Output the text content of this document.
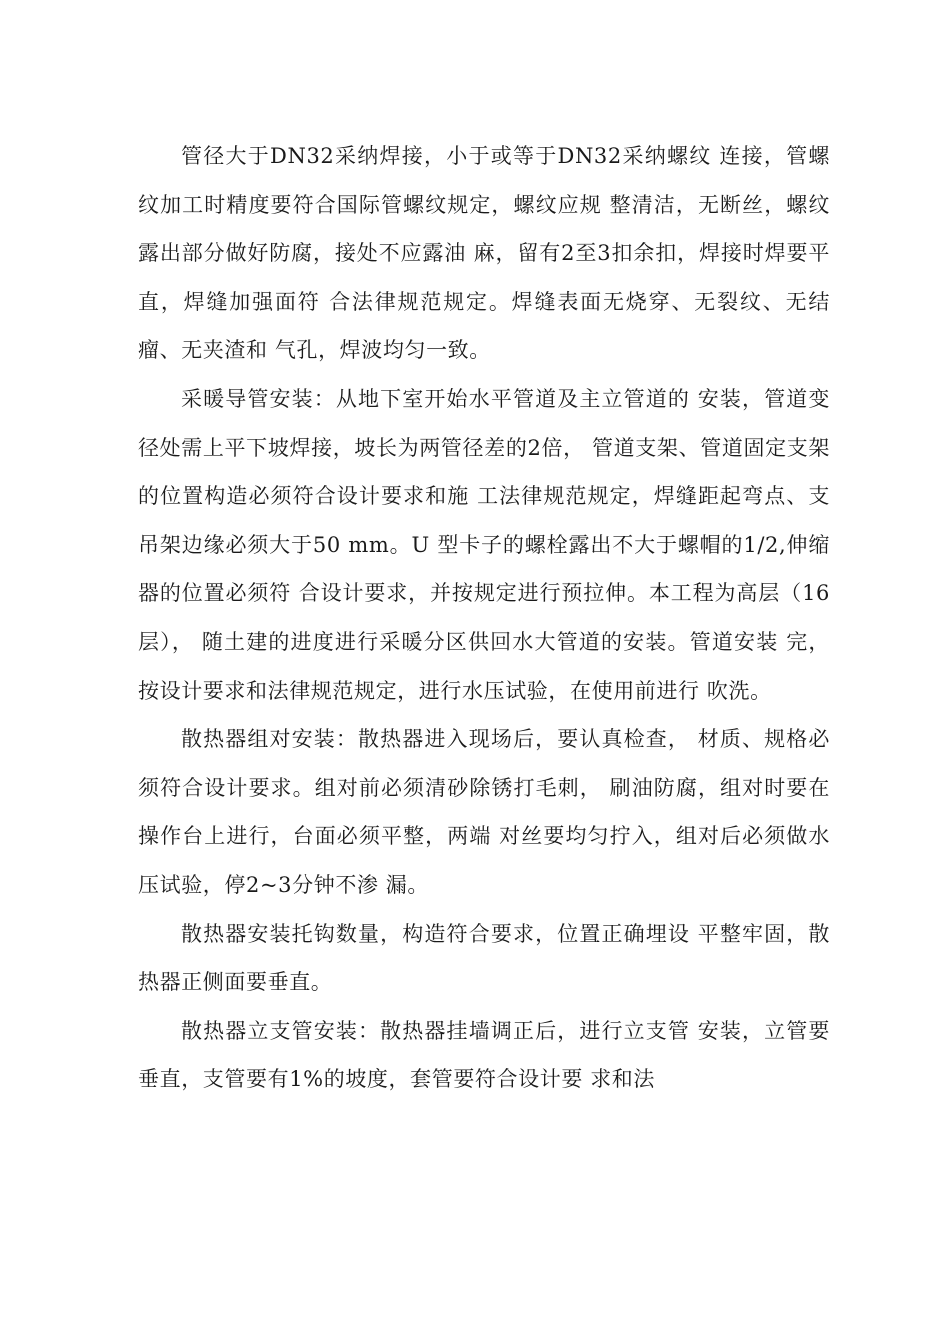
管径大于DN32采纳焊接，小于或等于DN32采纳螺纹 连接，管螺纹加工时精度要符合国际管螺纹规定，螺纹应规 整清洁，无断丝，螺纹露出部分做好防腐，接处不应露油 麻，留有2至3扣余扣，焊接时焊要平直，焊缝加强面符 合法律规范规定。焊缝表面无烧穿、无裂纹、无结瘤、无夹渣和 气孔，焊波均匀一致。

采暖导管安装：从地下室开始水平管道及主立管道的 安装，管道变径处需上平下坡焊接，坡长为两管径差的2倍， 管道支架、管道固定支架的位置构造必须符合设计要求和施 工法律规范规定，焊缝距起弯点、支吊架边缘必须大于50 mm。U 型卡子的螺栓露出不大于螺帽的1/2,伸缩器的位置必须符 合设计要求，并按规定进行预拉伸。本工程为高层（16层）， 随土建的进度进行采暖分区供回水大管道的安装。管道安装 完，按设计要求和法律规范规定，进行水压试验，在使用前进行 吹洗。

散热器组对安装：散热器进入现场后，要认真检查， 材质、规格必须符合设计要求。组对前必须清砂除锈打毛刺， 刷油防腐，组对时要在操作台上进行，台面必须平整，两端 对丝要均匀拧入，组对后必须做水压试验，停2~3分钟不渗 漏。

散热器安装托钩数量，构造符合要求，位置正确埋设 平整牢固，散热器正侧面要垂直。

散热器立支管安装：散热器挂墙调正后，进行立支管 安装，立管要垂直，支管要有1%的坡度，套管要符合设计要 求和法
